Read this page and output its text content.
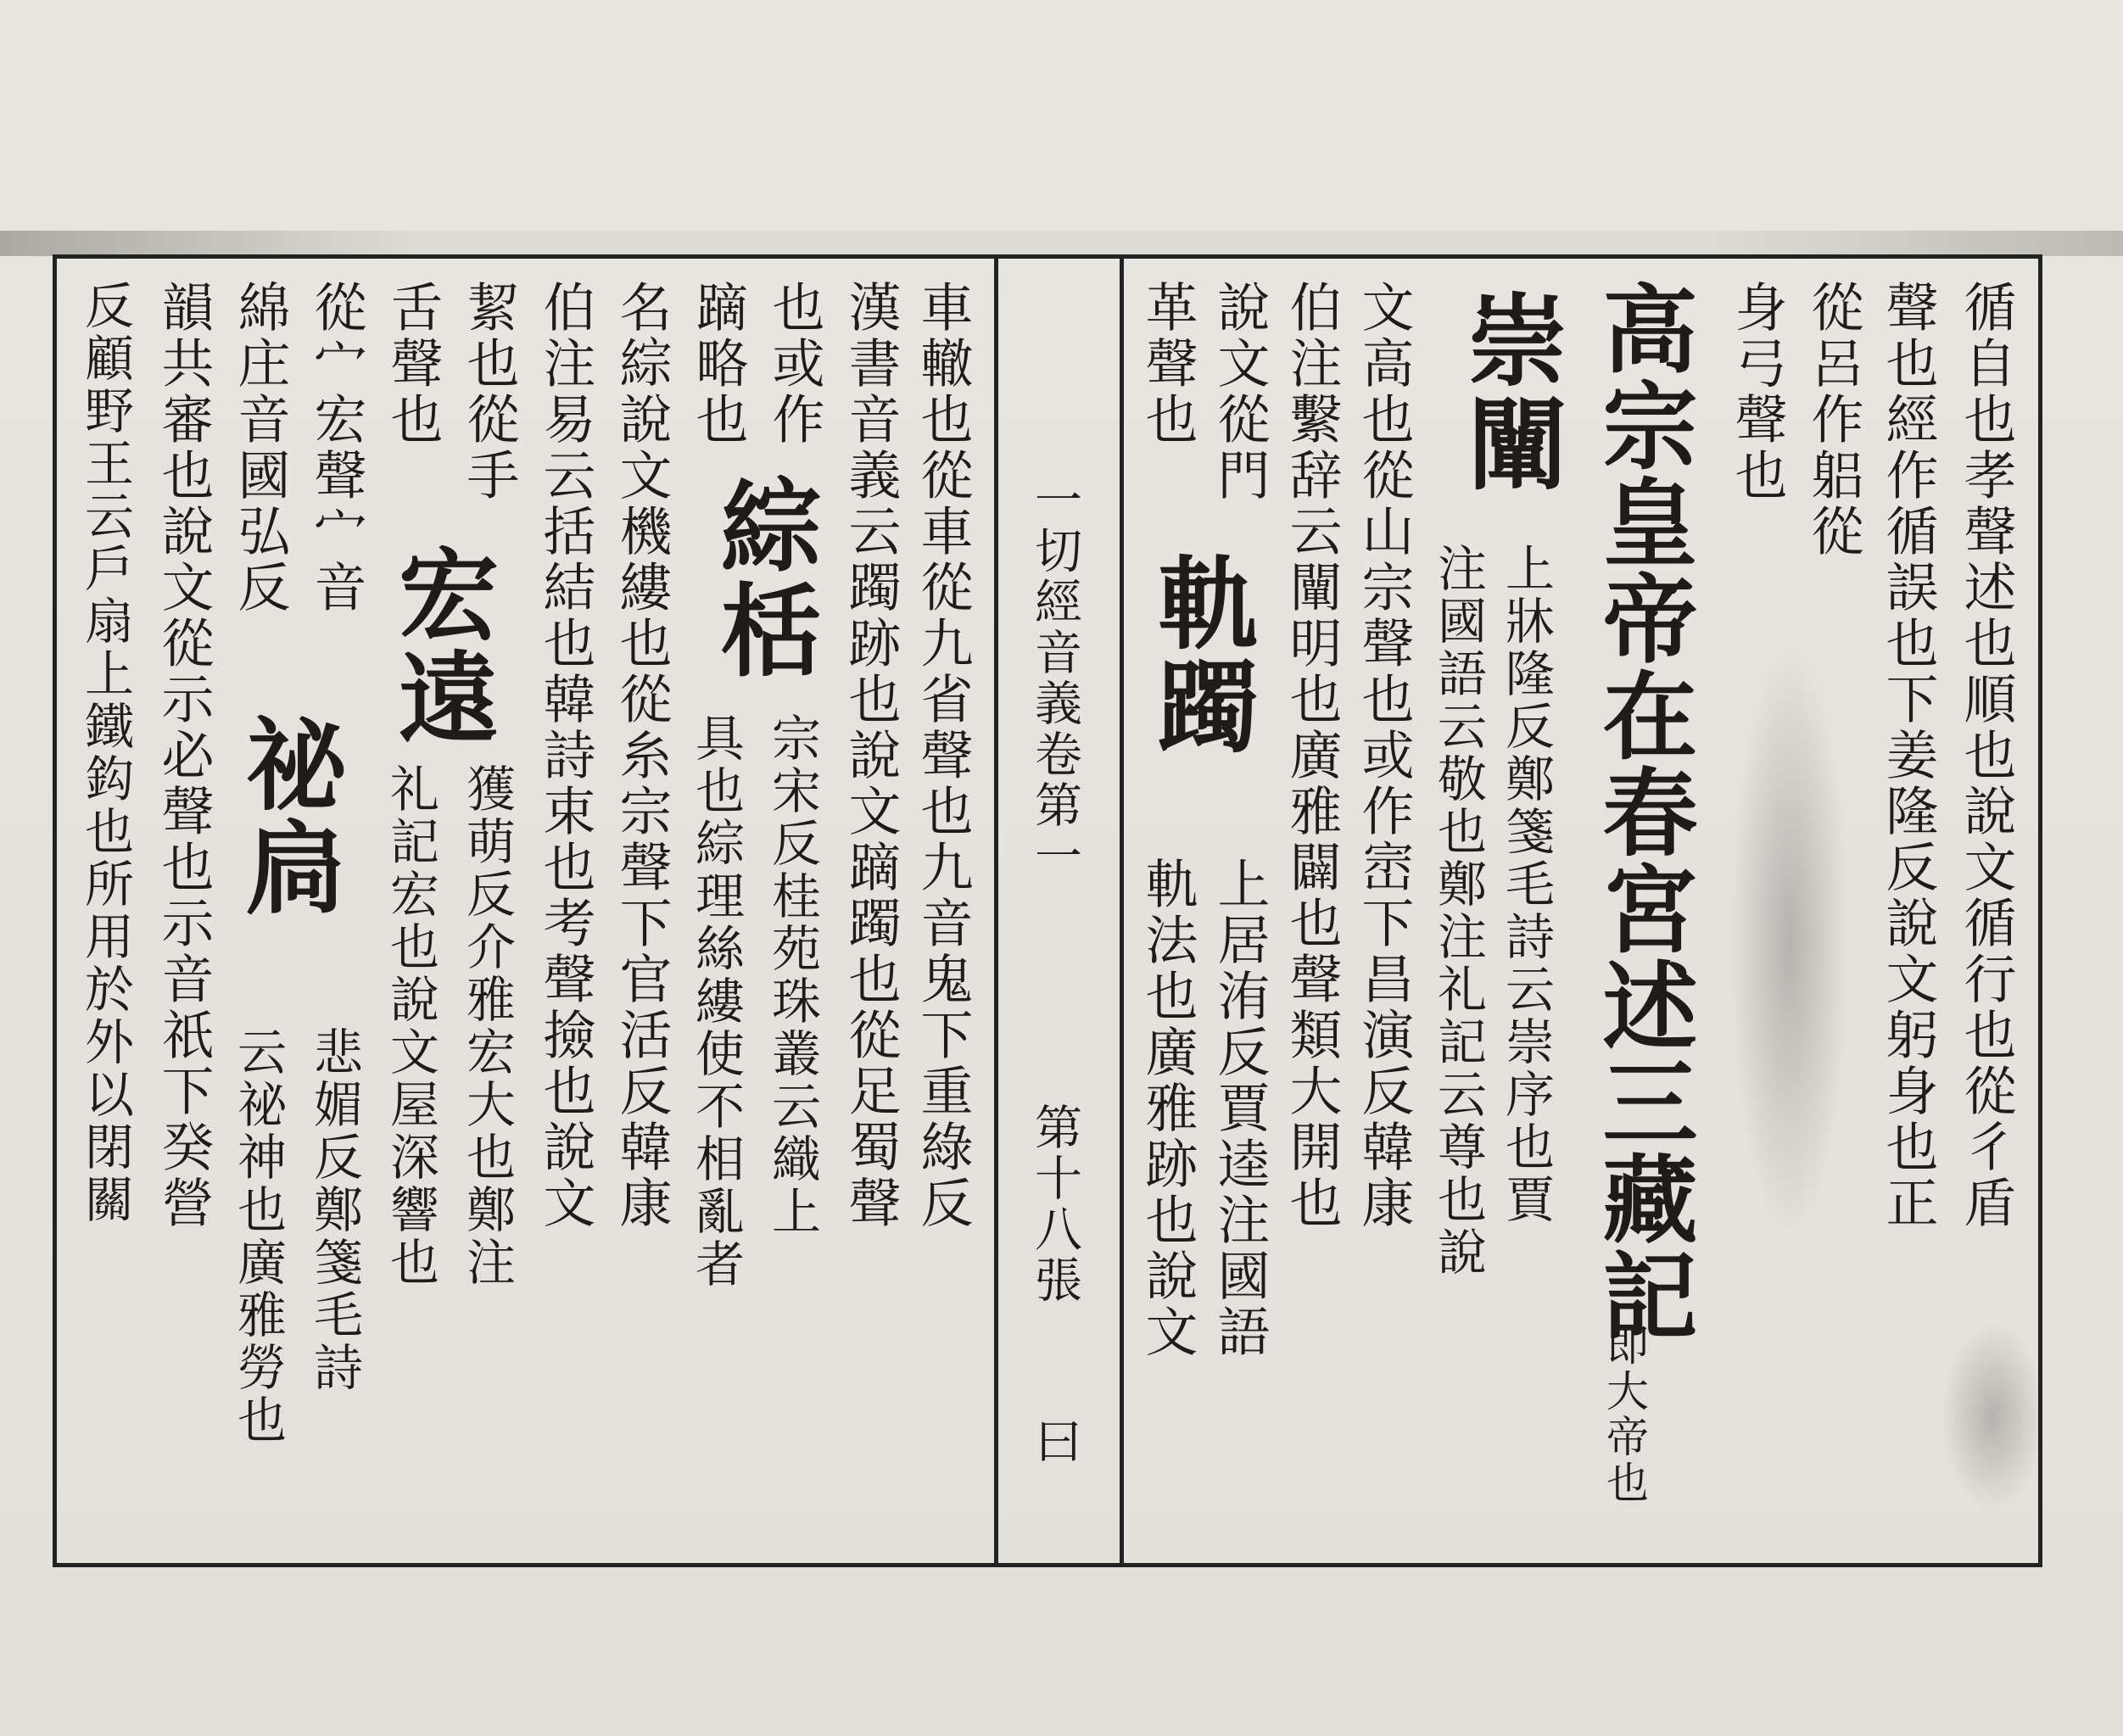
循自也孝聲述也順也說文循行也從彳盾
聲也經作循誤也下姜隆反說文躬身也正
從呂作躳從
身弓聲也
高宗皇帝在春宮述三藏記
即大帝也
崇闡
上牀隆反鄭箋毛詩云崇序也賈
注國語云敬也鄭注礼記云尊也說
文高也從山宗聲也或作崈下昌演反韓康
伯注繫辞云闡明也廣雅闢也聲類大開也
說文從門
革聲也
軌躅
上居洧反賈逵注國語
軌法也廣雅跡也說文
一切經音義卷第一
第十八張
曰
車轍也從車從九省聲也九音鬼下重綠反
漢書音義云躅跡也說文蹢躅也從足蜀聲
也或作
綜栝
具也綜理絲縷使不相亂者 宗宋反桂苑珠叢云織上
蹢略也
名綜說文機縷也從糸宗聲下官活反韓康
伯注易云括結也韓詩束也考聲撿也說文
絜也從手
宏遠
獲萌反介雅宏大也鄭注
舌聲也
礼記宏也說文屋深響也
從宀宏聲宀音
祕扃
悲媚反鄭箋毛詩
綿庄音國弘反
云祕神也廣雅勞也
韻共審也說文從示必聲也示音祇下癸營
反顧野王云戶扇上鐵鈎也所用於外以閉關
